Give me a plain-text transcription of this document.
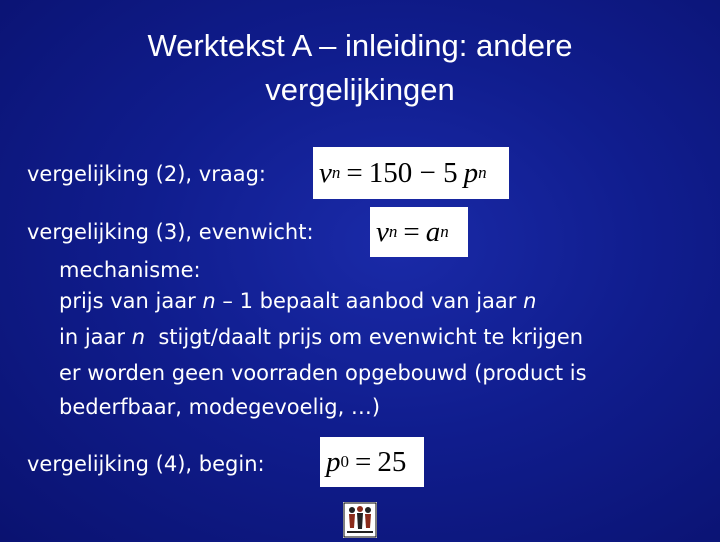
Werktekst A – inleiding: andere
vergelijkingen
vergelijking (2), vraag: v n = 150 − 5 p n
vergelijking (3), evenwicht: v n = a n
mechanisme:
prijs van jaar n – 1 bepaalt aanbod van jaar n
in jaar n  stijgt/daalt prijs om evenwicht te krijgen
er worden geen voorraden opgebouwd (product is
bederfbaar, modegevoelig, …)
vergelijking (4), begin: p 0 = 25
